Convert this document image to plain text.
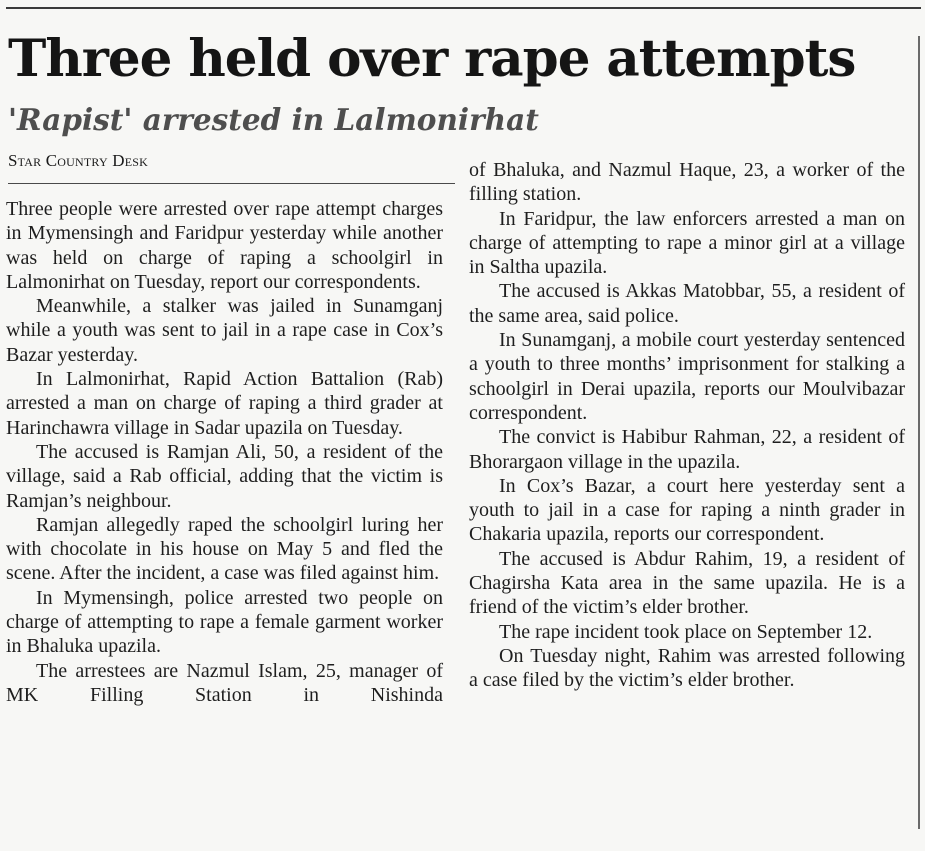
Three held over rape attempts
'Rapist' arrested in Lalmonirhat
Star Country Desk

Three people were arrested over rape attempt charges in Mymensingh and Faridpur yesterday while another was held on charge of raping a schoolgirl in Lalmonirhat on Tuesday, report our correspondents.

Meanwhile, a stalker was jailed in Sunamganj while a youth was sent to jail in a rape case in Cox’s Bazar yesterday.

In Lalmonirhat, Rapid Action Battalion (Rab) arrested a man on charge of raping a third grader at Harinchawra village in Sadar upazila on Tuesday.

The accused is Ramjan Ali, 50, a resident of the village, said a Rab official, adding that the victim is Ramjan’s neighbour.

Ramjan allegedly raped the schoolgirl luring her with chocolate in his house on May 5 and fled the scene. After the incident, a case was filed against him.

In Mymensingh, police arrested two people on charge of attempting to rape a female garment worker in Bhaluka upazila.

The arrestees are Nazmul Islam, 25, manager of MK Filling Station in Nishinda

of Bhaluka, and Nazmul Haque, 23, a worker of the filling station.

In Faridpur, the law enforcers arrested a man on charge of attempting to rape a minor girl at a village in Saltha upazila.

The accused is Akkas Matobbar, 55, a resident of the same area, said police.

In Sunamganj, a mobile court yesterday sentenced a youth to three months’ imprisonment for stalking a schoolgirl in Derai upazila, reports our Moulvibazar correspondent.

The convict is Habibur Rahman, 22, a resident of Bhorargaon village in the upazila.

In Cox’s Bazar, a court here yesterday sent a youth to jail in a case for raping a ninth grader in Chakaria upazila, reports our correspondent.

The accused is Abdur Rahim, 19, a resident of Chagirsha Kata area in the same upazila. He is a friend of the victim’s elder brother.

The rape incident took place on September 12.

On Tuesday night, Rahim was arrested following a case filed by the victim’s elder brother.
